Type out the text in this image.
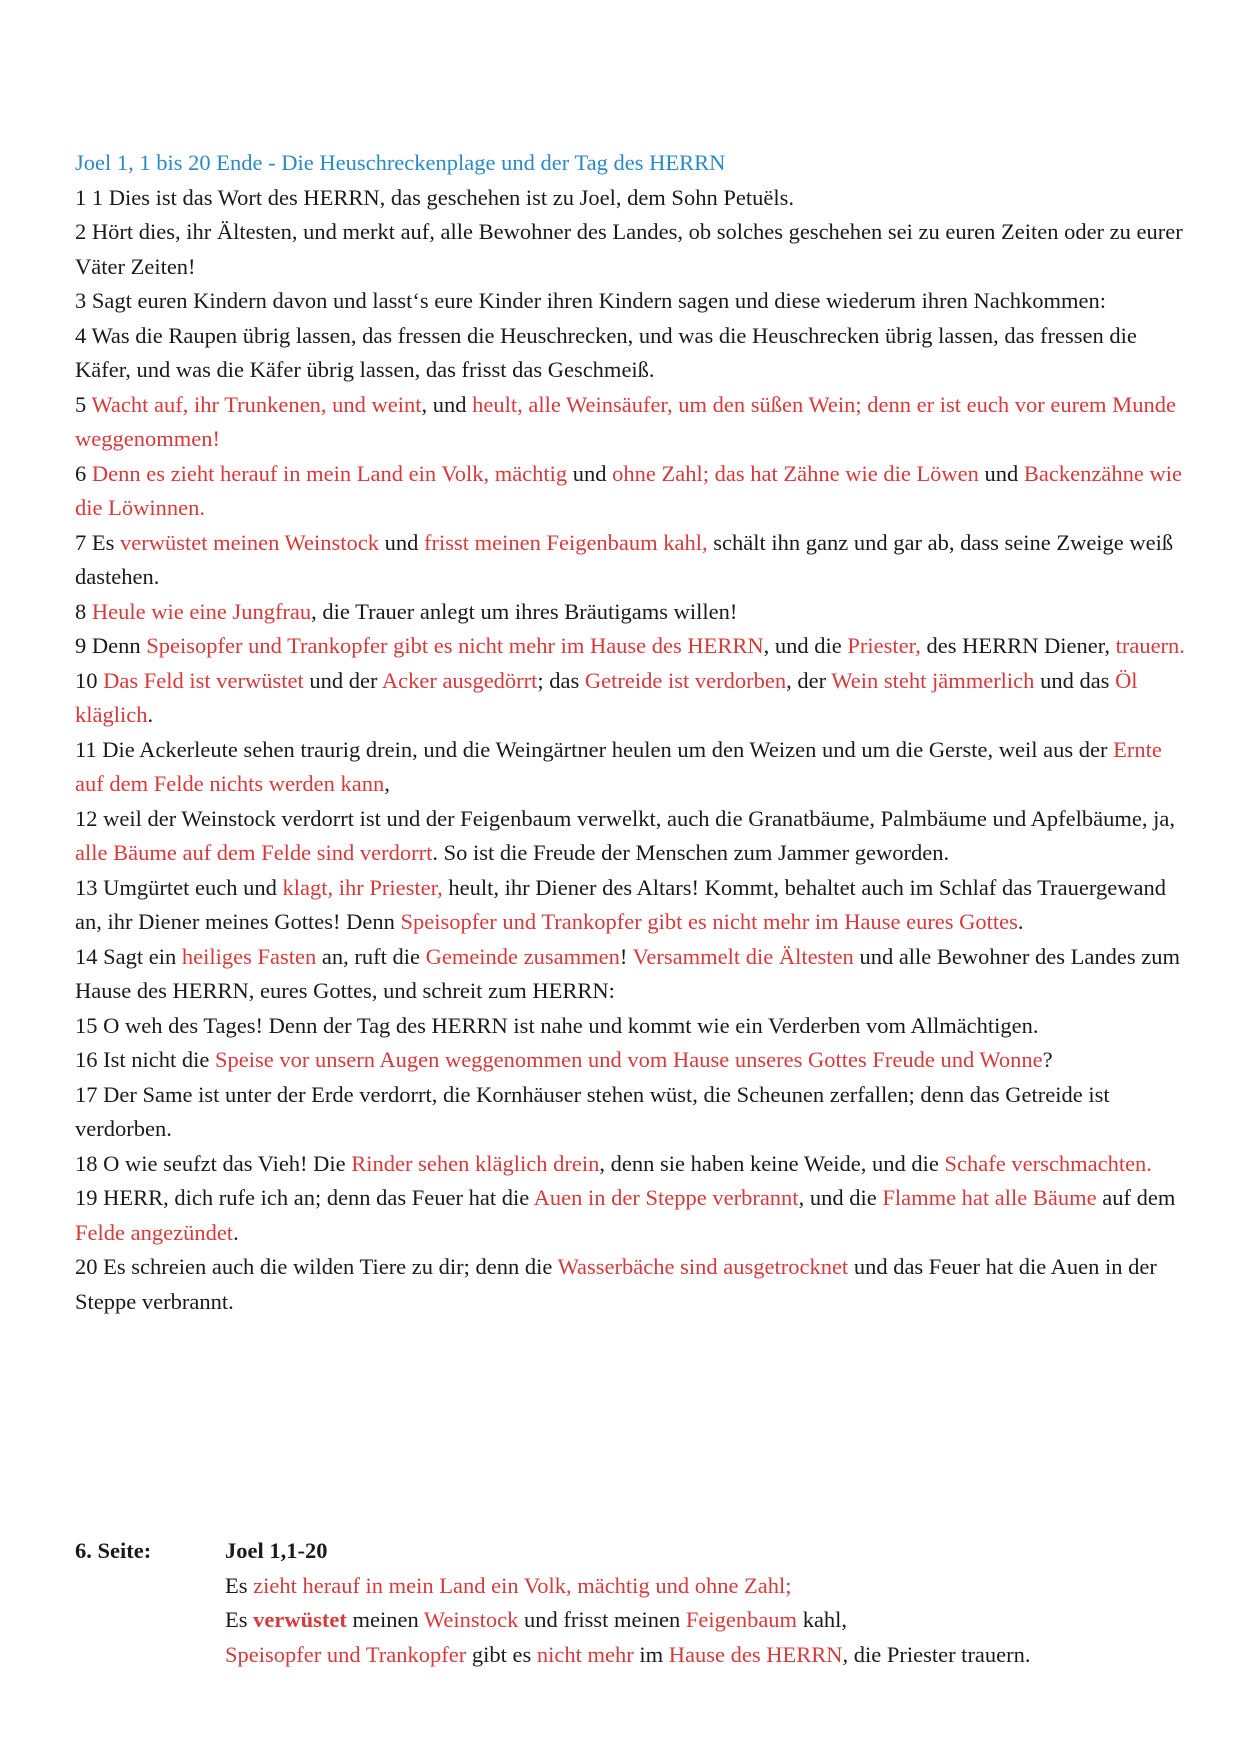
Joel 1, 1 bis 20 Ende - Die Heuschreckenplage und der Tag des HERRN
1 1 Dies ist das Wort des HERRN, das geschehen ist zu Joel, dem Sohn Petuëls.
2 Hört dies, ihr Ältesten, und merkt auf, alle Bewohner des Landes, ob solches geschehen sei zu euren Zeiten oder zu eurer Väter Zeiten!
3 Sagt euren Kindern davon und lasst‘s eure Kinder ihren Kindern sagen und diese wiederum ihren Nachkommen:
4 Was die Raupen übrig lassen, das fressen die Heuschrecken, und was die Heuschrecken übrig lassen, das fressen die Käfer, und was die Käfer übrig lassen, das frisst das Geschmeiß.
5 Wacht auf, ihr Trunkenen, und weint, und heult, alle Weinsäufer, um den süßen Wein; denn er ist euch vor eurem Munde weggenommen!
6 Denn es zieht herauf in mein Land ein Volk, mächtig und ohne Zahl; das hat Zähne wie die Löwen und Backenzähne wie die Löwinnen.
7 Es verwüstet meinen Weinstock und frisst meinen Feigenbaum kahl, schält ihn ganz und gar ab, dass seine Zweige weiß dastehen.
8 Heule wie eine Jungfrau, die Trauer anlegt um ihres Bräutigams willen!
9 Denn Speisopfer und Trankopfer gibt es nicht mehr im Hause des HERRN, und die Priester, des HERRN Diener, trauern.
10 Das Feld ist verwüstet und der Acker ausgedörrt; das Getreide ist verdorben, der Wein steht jämmerlich und das Öl kläglich.
11 Die Ackerleute sehen traurig drein, und die Weingärtner heulen um den Weizen und um die Gerste, weil aus der Ernte auf dem Felde nichts werden kann,
12 weil der Weinstock verdorrt ist und der Feigenbaum verwelkt, auch die Granatbäume, Palmbäume und Apfelbäume, ja, alle Bäume auf dem Felde sind verdorrt. So ist die Freude der Menschen zum Jammer geworden.
13 Umgürtet euch und klagt, ihr Priester, heult, ihr Diener des Altars! Kommt, behaltet auch im Schlaf das Trauergewand an, ihr Diener meines Gottes! Denn Speisopfer und Trankopfer gibt es nicht mehr im Hause eures Gottes.
14 Sagt ein heiliges Fasten an, ruft die Gemeinde zusammen! Versammelt die Ältesten und alle Bewohner des Landes zum Hause des HERRN, eures Gottes, und schreit zum HERRN:
15 O weh des Tages! Denn der Tag des HERRN ist nahe und kommt wie ein Verderben vom Allmächtigen.
16 Ist nicht die Speise vor unsern Augen weggenommen und vom Hause unseres Gottes Freude und Wonne?
17 Der Same ist unter der Erde verdorrt, die Kornhäuser stehen wüst, die Scheunen zerfallen; denn das Getreide ist verdorben.
18 O wie seufzt das Vieh! Die Rinder sehen kläglich drein, denn sie haben keine Weide, und die Schafe verschmachten.
19 HERR, dich rufe ich an; denn das Feuer hat die Auen in der Steppe verbrannt, und die Flamme hat alle Bäume auf dem Felde angezündet.
20 Es schreien auch die wilden Tiere zu dir; denn die Wasserbäche sind ausgetrocknet und das Feuer hat die Auen in der Steppe verbrannt.
6. Seite:	Joel 1,1-20
Es zieht herauf in mein Land ein Volk, mächtig und ohne Zahl;
Es verwüstet meinen Weinstock und frisst meinen Feigenbaum kahl,
Speisopfer und Trankopfer gibt es nicht mehr im Hause des HERRN, die Priester trauern.
